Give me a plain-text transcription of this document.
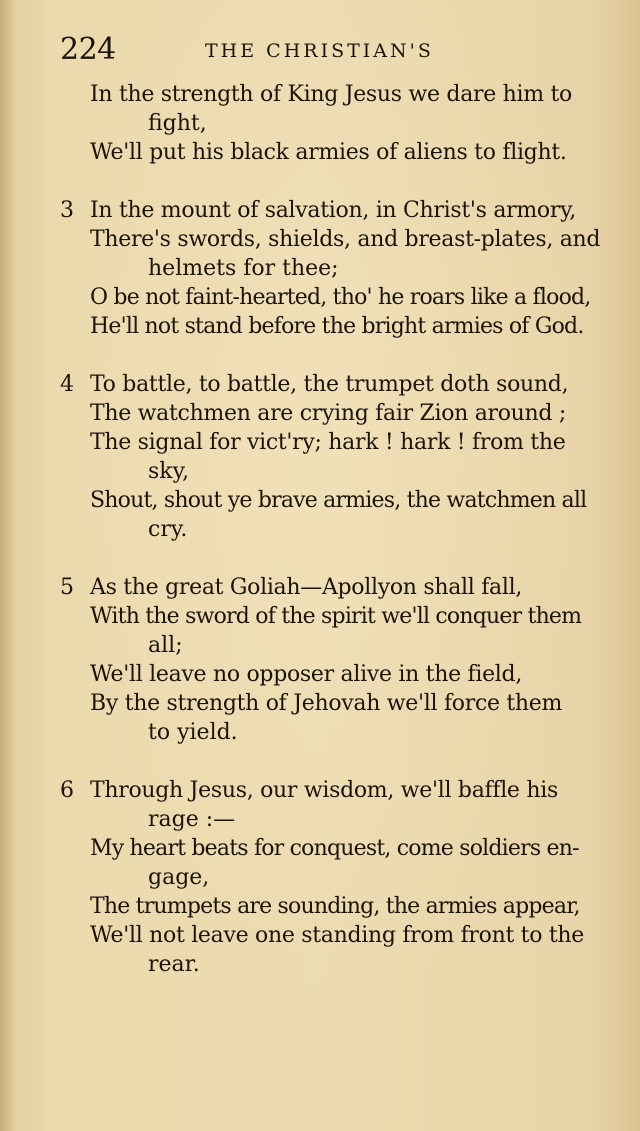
224	THE CHRISTIAN'S

In the strength of King Jesus we dare him to

fight,

We'll put his black armies of aliens to flight.

3 In the mount of salvation, in Christ's armory,

There's swords, shields, and breast-plates, and

helmets for thee;

O be not faint-hearted, tho' he roars like a flood,

He'll not stand before the bright armies of God.

4 To battle, to battle, the trumpet doth sound,

The watchmen are crying fair Zion around ;

The signal for vict'ry; hark ! hark ! from the

sky,

Shout, shout ye brave armies, the watchmen all

cry.

5 As the great Goliah—Apollyon shall fall,

With the sword of the spirit we'll conquer them

all;

We'll leave no opposer alive in the field,

By the strength of Jehovah we'll force them

to yield.

6 Through Jesus, our wisdom, we'll baffle his

rage :—

My heart beats for conquest, come soldiers en-

gage,

The trumpets are sounding, the armies appear,

We'll not leave one standing from front to the

rear.
